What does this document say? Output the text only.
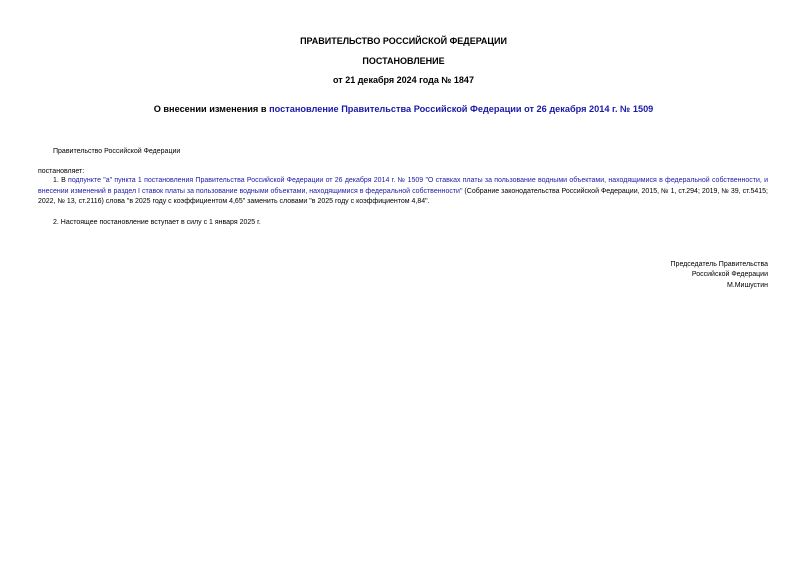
ПРАВИТЕЛЬСТВО РОССИЙСКОЙ ФЕДЕРАЦИИ
ПОСТАНОВЛЕНИЕ
от 21 декабря 2024 года № 1847
О внесении изменения в постановление Правительства Российской Федерации от 26 декабря 2014 г. № 1509
Правительство Российской Федерации
постановляет:
1. В подпункте "а" пункта 1 постановления Правительства Российской Федерации от 26 декабря 2014 г. № 1509 "О ставках платы за пользование водными объектами, находящимися в федеральной собственности, и внесении изменений в раздел I ставок платы за пользование водными объектами, находящимися в федеральной собственности" (Собрание законодательства Российской Федерации, 2015, № 1, ст.294; 2019, № 39, ст.5415; 2022, № 13, ст.2116) слова "в 2025 году с коэффициентом 4,65" заменить словами "в 2025 году с коэффициентом 4,84".
2. Настоящее постановление вступает в силу с 1 января 2025 г.
Председатель Правительства
Российской Федерации
М.Мишустин
